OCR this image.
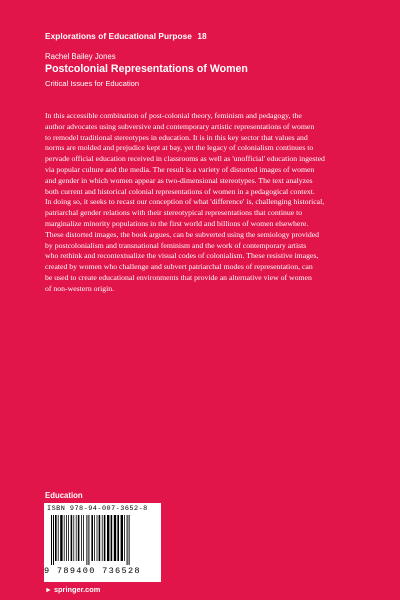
Explorations of Educational Purpose 18
Rachel Bailey Jones
Postcolonial Representations of Women
Critical Issues for Education
In this accessible combination of post-colonial theory, feminism and pedagogy, the
author advocates using subversive and contemporary artistic representations of women
to remodel traditional stereotypes in education. It is in this key sector that values and
norms are molded and prejudice kept at bay, yet the legacy of colonialism continues to
pervade official education received in classrooms as well as 'unofficial' education ingested
via popular culture and the media. The result is a variety of distorted images of women
and gender in which women appear as two-dimensional stereotypes. The text analyzes
both current and historical colonial representations of women in a pedagogical context.
In doing so, it seeks to recast our conception of what 'difference' is, challenging historical,
patriarchal gender relations with their stereotypical representations that continue to
marginalize minority populations in the first world and billions of women elsewhere.
These distorted images, the book argues, can be subverted using the semiology provided
by postcolonialism and transnational feminism and the work of contemporary artists
who rethink and recontextualize the visual codes of colonialism. These resistive images,
created by women who challenge and subvert patriarchal modes of representation, can
be used to create educational environments that provide an alternative view of women
of non-western origin.
Education
ISBN 978-94-007-3652-8
9 789400 736528
► springer.com
